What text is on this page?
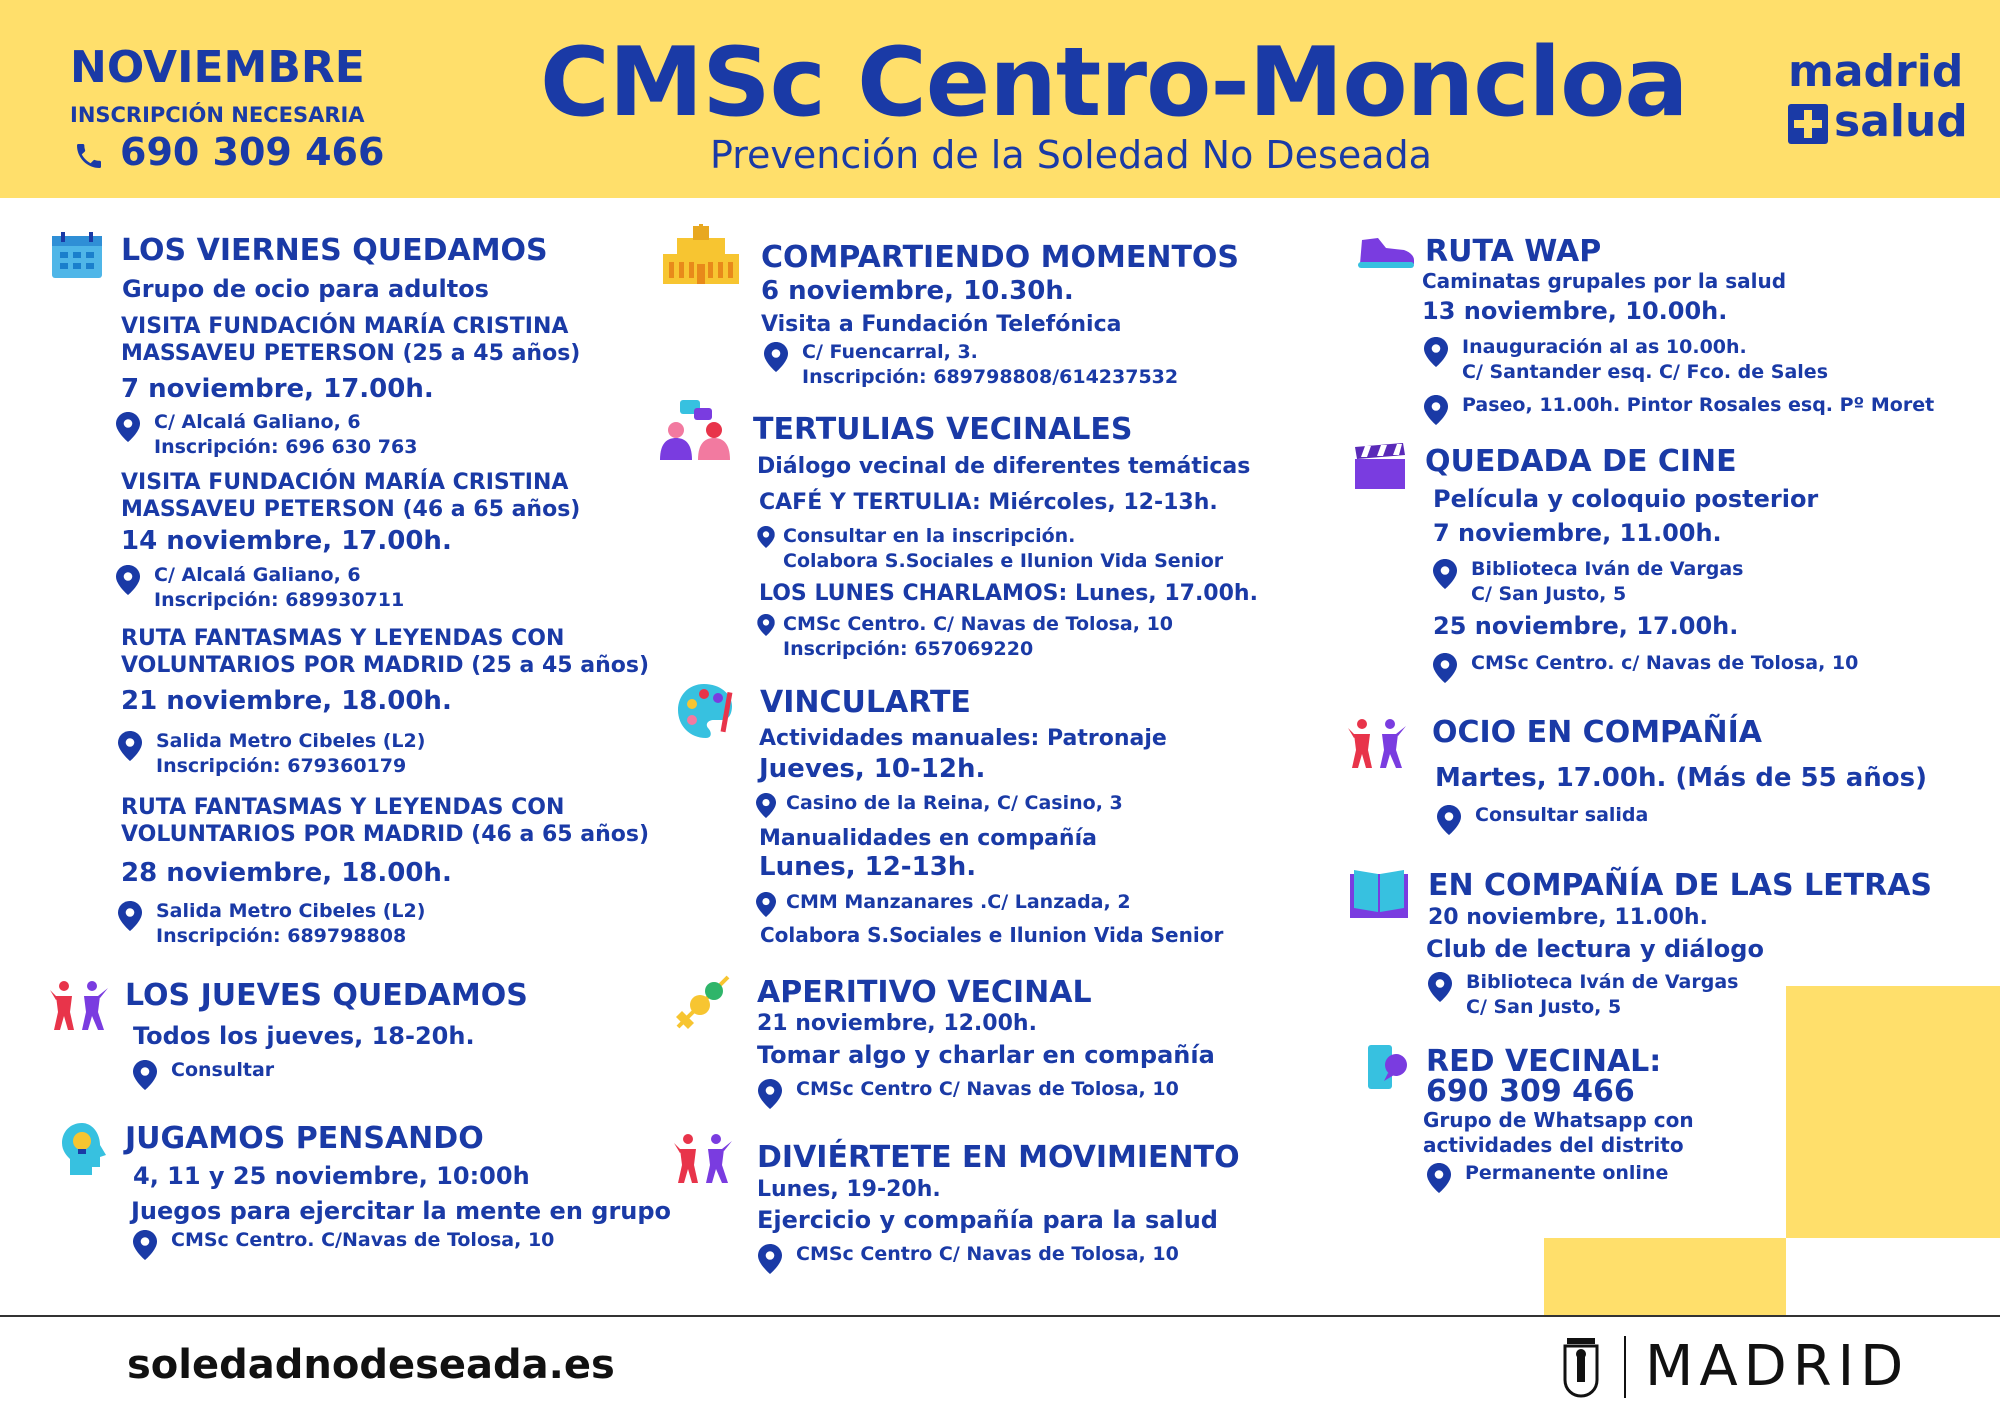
NOVIEMBRE
INSCRIPCIÓN NECESARIA
690 309 466
CMSc Centro-Moncloa
Prevención de la Soledad No Deseada
madrid
salud
LOS VIERNES QUEDAMOS
Grupo de ocio para adultos
VISITA FUNDACIÓN MARÍA CRISTINA
MASSAVEU PETERSON (25 a 45 años)
7 noviembre, 17.00h.
C/ Alcalá Galiano, 6
Inscripción: 696 630 763
VISITA FUNDACIÓN MARÍA CRISTINA
MASSAVEU PETERSON (46 a 65 años)
14 noviembre, 17.00h.
C/ Alcalá Galiano, 6
Inscripción: 689930711
RUTA FANTASMAS Y LEYENDAS CON
VOLUNTARIOS POR MADRID (25 a 45 años)
21 noviembre, 18.00h.
Salida Metro Cibeles (L2)
Inscripción: 679360179
RUTA FANTASMAS Y LEYENDAS CON
VOLUNTARIOS POR MADRID (46 a 65 años)
28 noviembre, 18.00h.
Salida Metro Cibeles (L2)
Inscripción: 689798808
LOS JUEVES QUEDAMOS
Todos los jueves, 18-20h.
Consultar
JUGAMOS PENSANDO
4, 11 y 25 noviembre, 10:00h
Juegos para ejercitar la mente en grupo
CMSc Centro. C/Navas de Tolosa, 10
COMPARTIENDO MOMENTOS
6 noviembre, 10.30h.
Visita a Fundación Telefónica
C/ Fuencarral, 3.
Inscripción: 689798808/614237532
TERTULIAS VECINALES
Diálogo vecinal de diferentes temáticas
CAFÉ Y TERTULIA: Miércoles, 12-13h.
Consultar en la inscripción.
Colabora S.Sociales e Ilunion Vida Senior
LOS LUNES CHARLAMOS: Lunes, 17.00h.
CMSc Centro. C/ Navas de Tolosa, 10
Inscripción: 657069220
VINCULARTE
Actividades manuales: Patronaje
Jueves, 10-12h.
Casino de la Reina, C/ Casino, 3
Manualidades en compañía
Lunes, 12-13h.
CMM Manzanares .C/ Lanzada, 2
Colabora S.Sociales e Ilunion Vida Senior
APERITIVO VECINAL
21 noviembre, 12.00h.
Tomar algo y charlar en compañía
CMSc Centro C/ Navas de Tolosa, 10
DIVIÉRTETE EN MOVIMIENTO
Lunes, 19-20h.
Ejercicio y compañía para la salud
CMSc Centro C/ Navas de Tolosa, 10
RUTA WAP
Caminatas grupales por la salud
13 noviembre, 10.00h.
Inauguración al as 10.00h.
C/ Santander esq. C/ Fco. de Sales
Paseo, 11.00h. Pintor Rosales esq. Pº Moret
QUEDADA DE CINE
Película y coloquio posterior
7 noviembre, 11.00h.
Biblioteca Iván de Vargas
C/ San Justo, 5
25 noviembre, 17.00h.
CMSc Centro. c/ Navas de Tolosa, 10
OCIO EN COMPAÑÍA
Martes, 17.00h. (Más de 55 años)
Consultar salida
EN COMPAÑÍA DE LAS LETRAS
20 noviembre, 11.00h.
Club de lectura y diálogo
Biblioteca Iván de Vargas
C/ San Justo, 5
RED VECINAL:
690 309 466
Grupo de Whatsapp con
actividades del distrito
Permanente online
soledadnodeseada.es	MADRID
